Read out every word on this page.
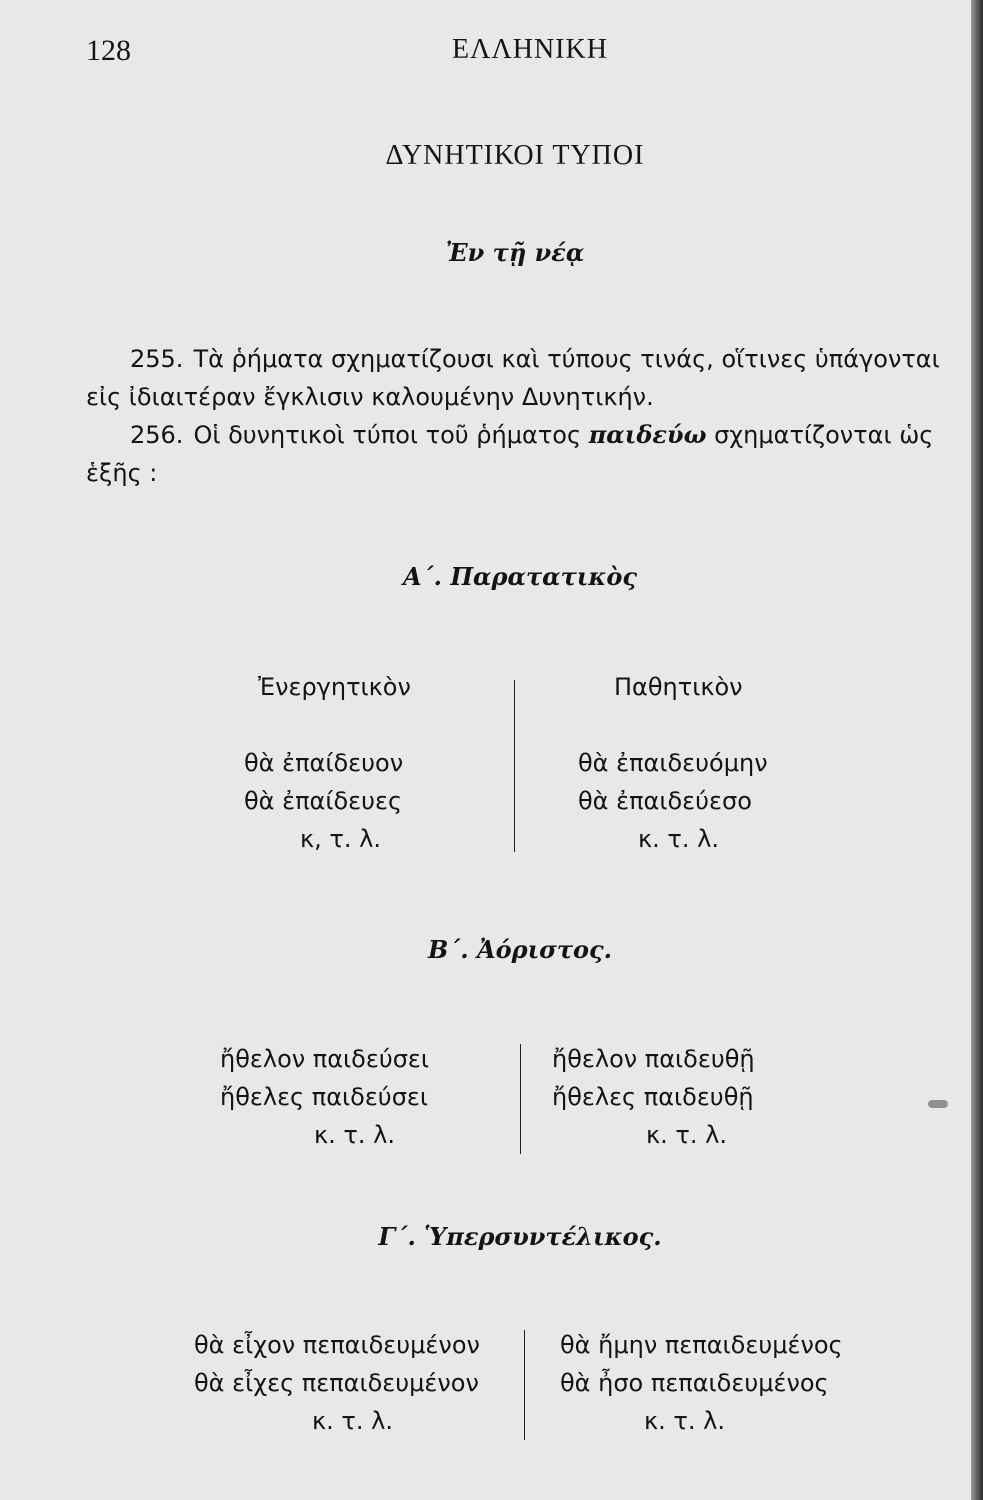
128	ΕΛΛΗΝΙΚΗ
ΔΥΝΗΤΙΚΟΙ ΤΥΠΟΙ
Ἐν τῇ νέᾳ
255. Τὰ ῥήματα σχηματίζουσι καὶ τύπους τινάς, οἵτινες ὑπάγονται
εἰς ἰδιαιτέραν ἔγκλισιν καλουμένην Δυνητικήν.
256. Οἱ δυνητικοὶ τύποι τοῦ ῥήματος παιδεύω σχηματίζονται ὡς
ἑξῆς :
Α΄. Παρατατικὸς
Ἐνεργητικὸν	Παθητικὸν
θὰ ἐπαίδευον
θὰ ἐπαίδευες
κ, τ. λ.
θὰ ἐπαιδευόμην
θὰ ἐπαιδεύεσο
κ. τ. λ.
Β΄. Ἀόριστος.
ἤθελον παιδεύσει
ἤθελες παιδεύσει
κ. τ. λ.
ἤθελον παιδευθῇ
ἤθελες παιδευθῇ
κ. τ. λ.
Γ΄. Ὑπερσυντέλικος.
θὰ εἶχον πεπαιδευμένον
θὰ εἶχες πεπαιδευμένον
κ. τ. λ.
θὰ ἤμην πεπαιδευμένος
θὰ ἦσο πεπαιδευμένος
κ. τ. λ.
